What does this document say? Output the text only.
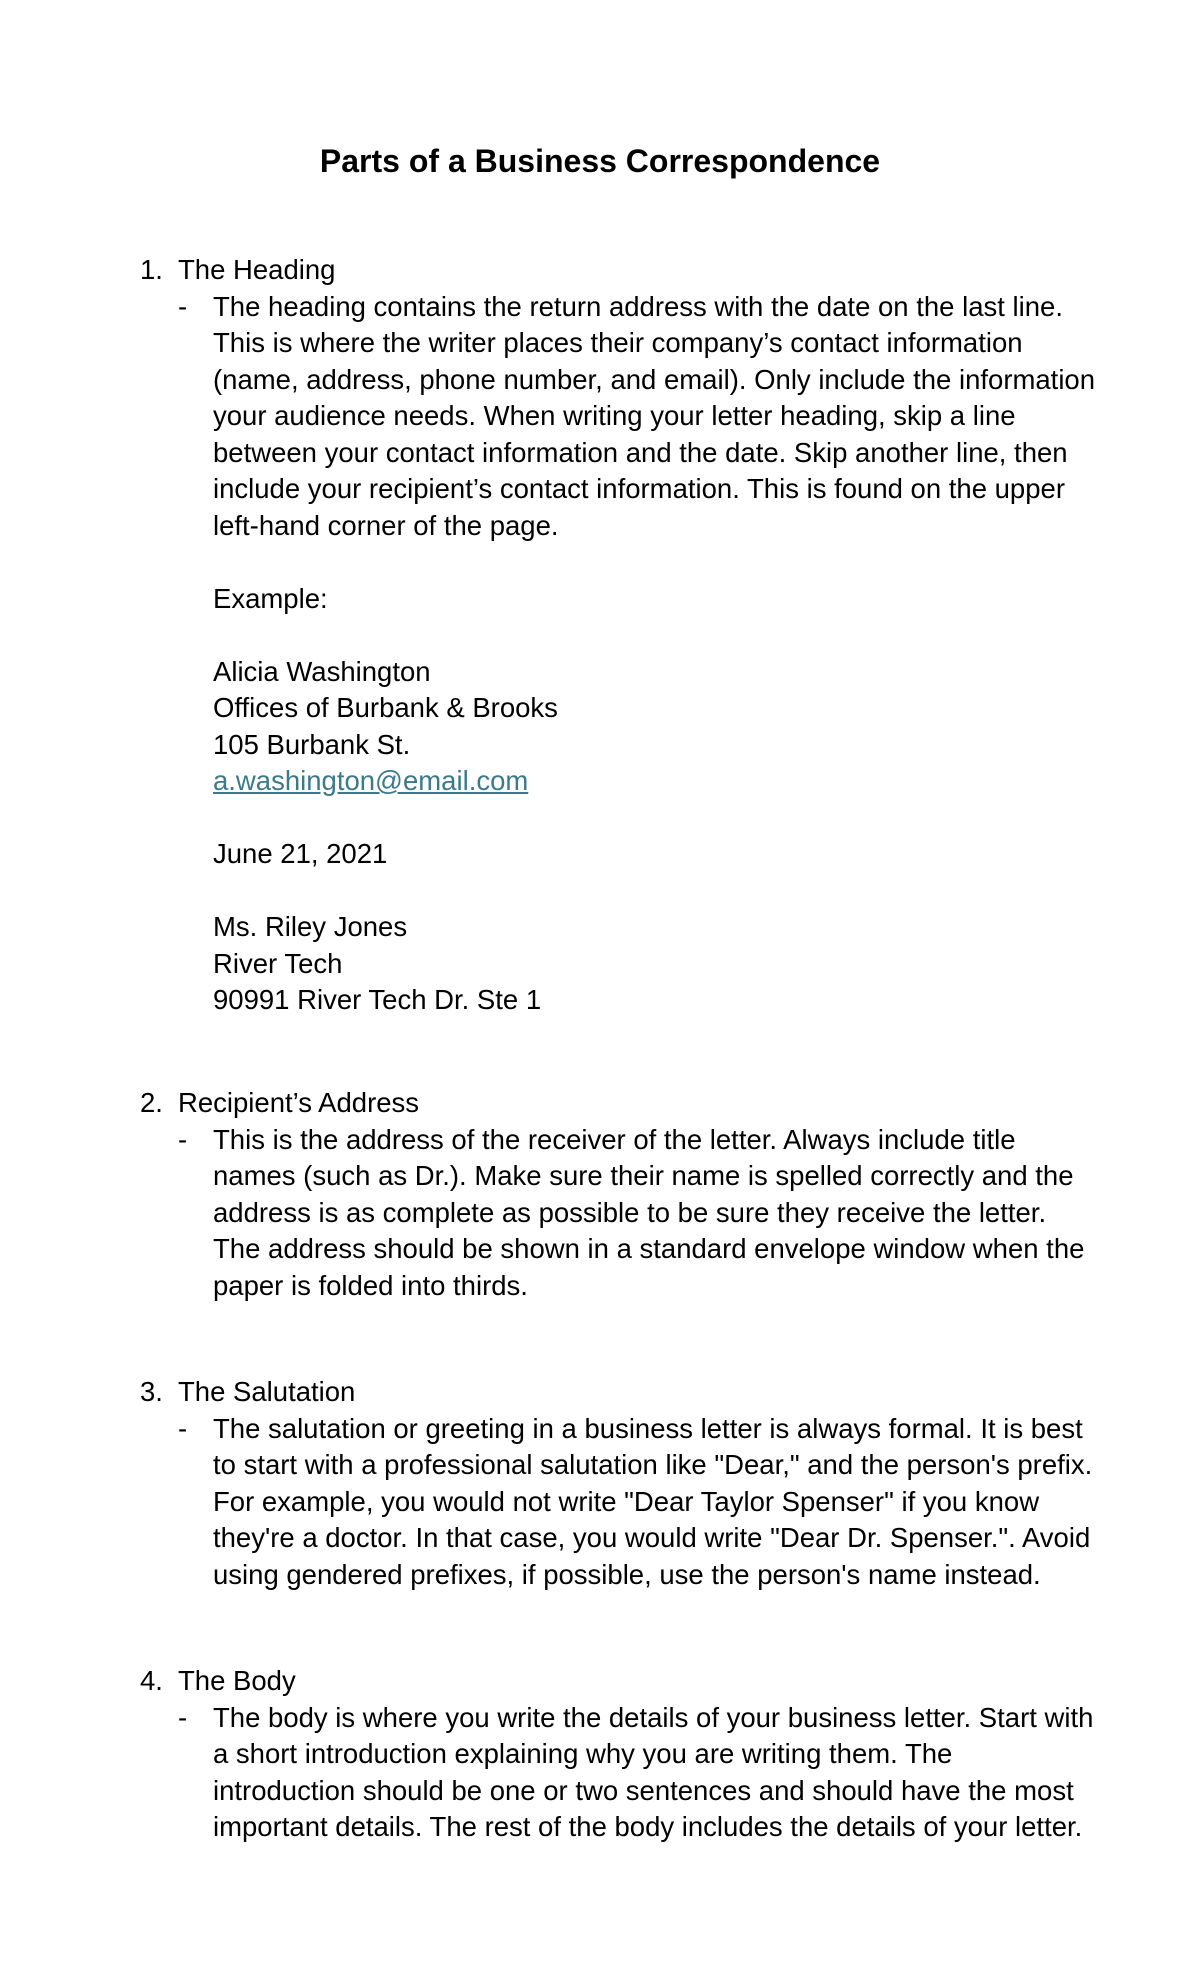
Parts of a Business Correspondence
1. The Heading
- The heading contains the return address with the date on the last line. This is where the writer places their company’s contact information (name, address, phone number, and email). Only include the information your audience needs. When writing your letter heading, skip a line between your contact information and the date. Skip another line, then include your recipient’s contact information. This is found on the upper left-hand corner of the page.

Example:

Alicia Washington
Offices of Burbank & Brooks
105 Burbank St.
a.washington@email.com

June 21, 2021

Ms. Riley Jones
River Tech
90991 River Tech Dr. Ste 1
2. Recipient’s Address
- This is the address of the receiver of the letter. Always include title names (such as Dr.). Make sure their name is spelled correctly and the address is as complete as possible to be sure they receive the letter. The address should be shown in a standard envelope window when the paper is folded into thirds.

3. The Salutation
- The salutation or greeting in a business letter is always formal. It is best to start with a professional salutation like "Dear," and the person's prefix. For example, you would not write "Dear Taylor Spenser" if you know they're a doctor. In that case, you would write "Dear Dr. Spenser.". Avoid using gendered prefixes, if possible, use the person's name instead.

4. The Body
- The body is where you write the details of your business letter. Start with a short introduction explaining why you are writing them. The introduction should be one or two sentences and should have the most important details. The rest of the body includes the details of your letter.
